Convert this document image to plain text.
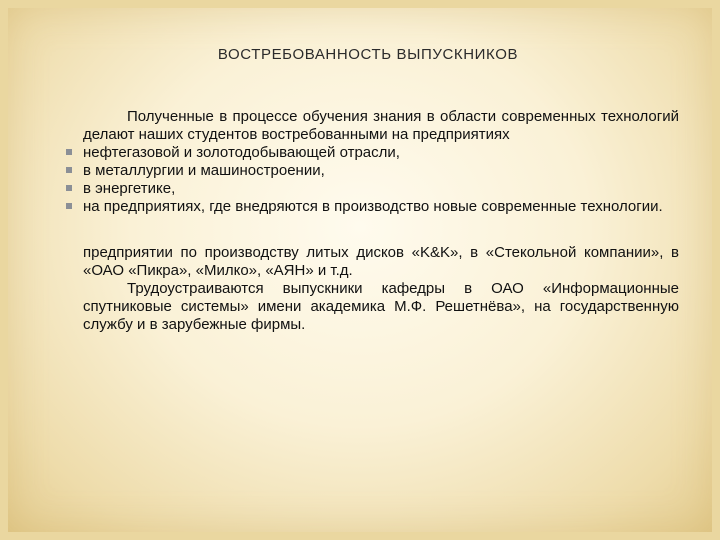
ВОСТРЕБОВАННОСТЬ ВЫПУСКНИКОВ

Полученные в процессе обучения знания в области современных технологий делают наших студентов востребованными на предприятиях

нефтегазовой и золотодобывающей отрасли,
в металлургии и машиностроении,
в энергетике,
на предприятиях, где внедряются в производство новые современные технологии.

предприятии по производству литых дисков «K&K», в «Стекольной компании», в «ОАО «Пикра», «Милко», «АЯН» и т.д.

Трудоустраиваются выпускники кафедры в ОАО «Информационные спутниковые системы» имени академика М.Ф. Решетнёва», на государственную службу и в зарубежные фирмы.
